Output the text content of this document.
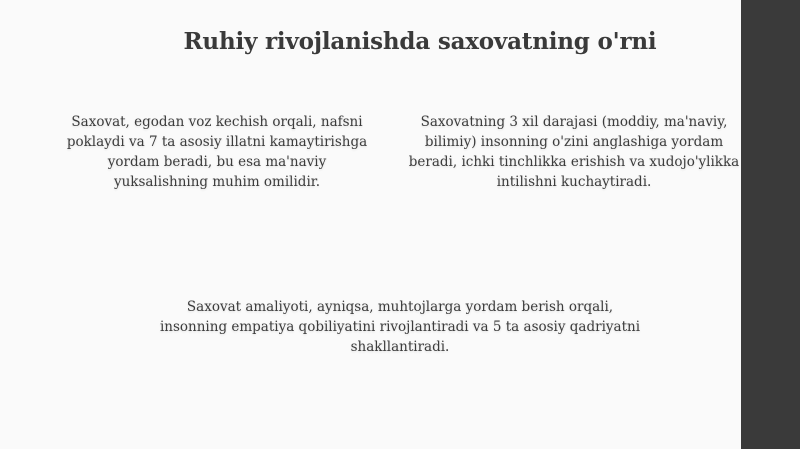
Ruhiy rivojlanishda saxovatning o'rni
Saxovat, egodan voz kechish orqali, nafsni
poklaydi va 7 ta asosiy illatni kamaytirishga
yordam beradi, bu esa ma'naviy
yuksalishning muhim omilidir.
Saxovatning 3 xil darajasi (moddiy, ma'naviy,
bilimiy) insonning o'zini anglashiga yordam
beradi, ichki tinchlikka erishish va xudojo'ylikka
intilishni kuchaytiradi.
Saxovat amaliyoti, ayniqsa, muhtojlarga yordam berish orqali,
insonning empatiya qobiliyatini rivojlantiradi va 5 ta asosiy qadriyatni
shakllantiradi.
